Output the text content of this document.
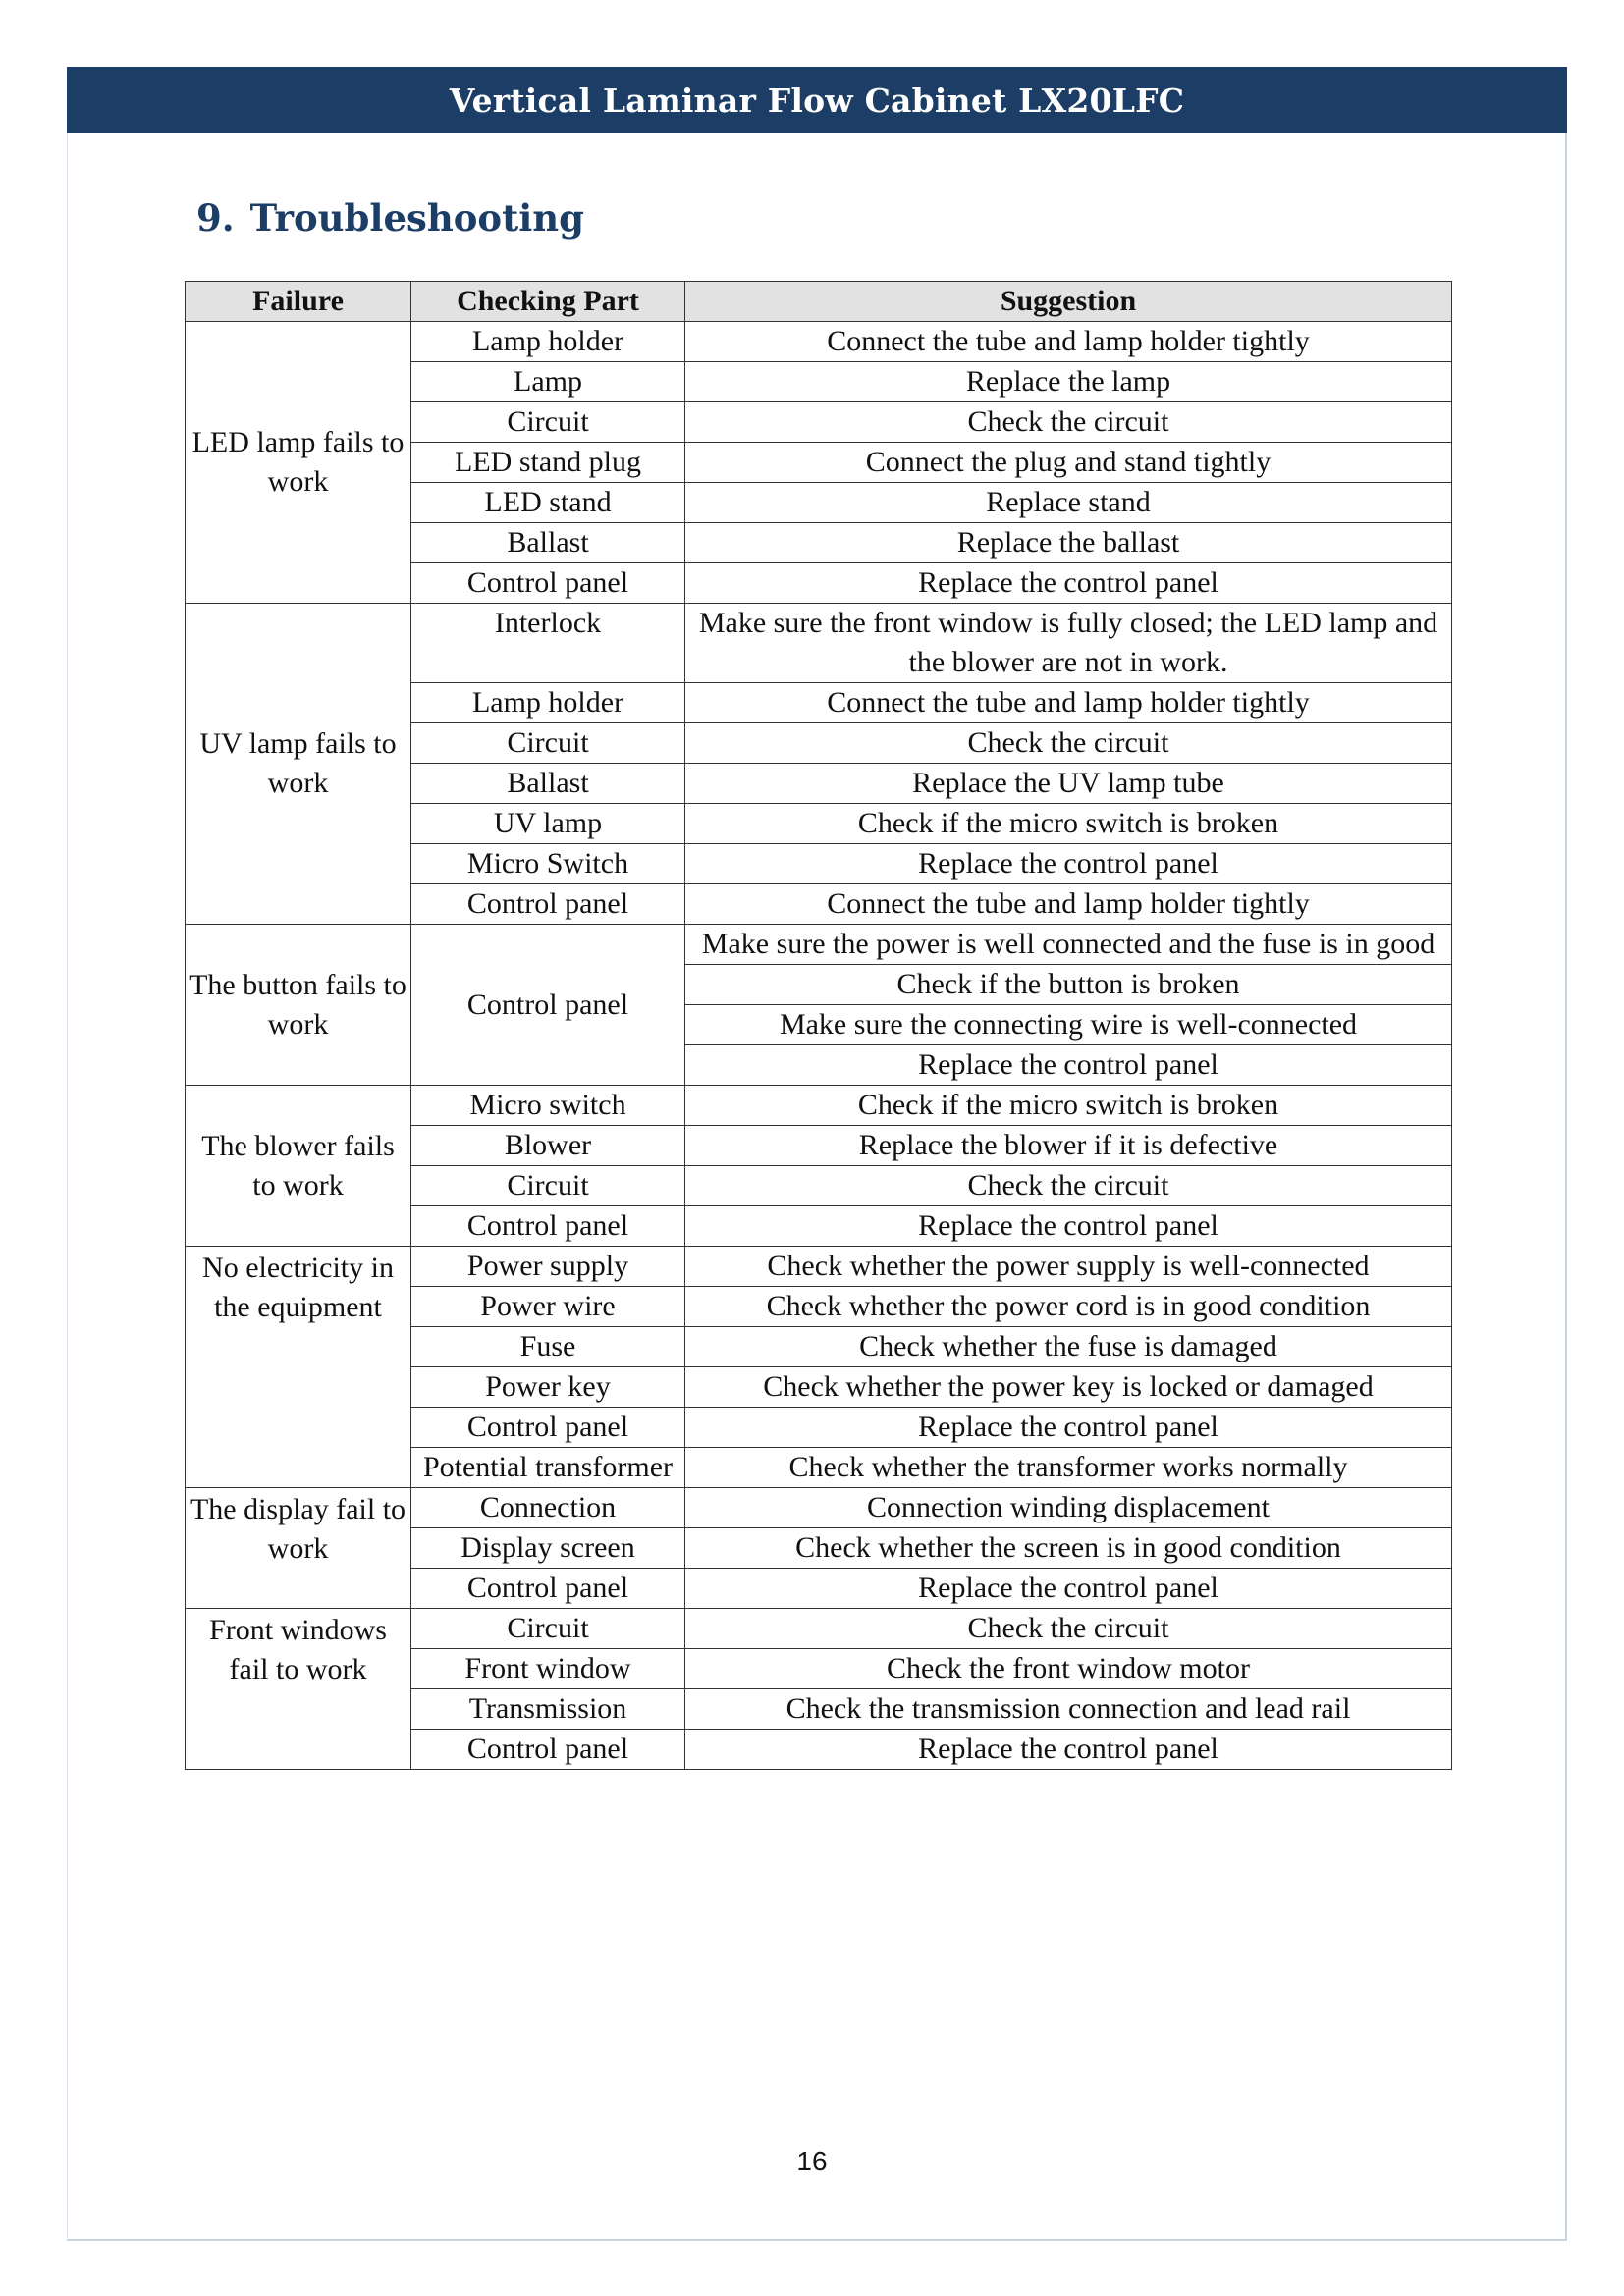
Vertical Laminar Flow Cabinet LX20LFC
9. Troubleshooting
Failure	Checking Part	Suggestion
LED lamp fails to work	Lamp holder	Connect the tube and lamp holder tightly
	Lamp	Replace the lamp
	Circuit	Check the circuit
	LED stand plug	Connect the plug and stand tightly
	LED stand	Replace stand
	Ballast	Replace the ballast
	Control panel	Replace the control panel
UV lamp fails to work	Interlock	Make sure the front window is fully closed; the LED lamp and the blower are not in work.
	Lamp holder	Connect the tube and lamp holder tightly
	Circuit	Check the circuit
	Ballast	Replace the UV lamp tube
	UV lamp	Check if the micro switch is broken
	Micro Switch	Replace the control panel
	Control panel	Connect the tube and lamp holder tightly
The button fails to work	Control panel	Make sure the power is well connected and the fuse is in good
		Check if the button is broken
		Make sure the connecting wire is well-connected
		Replace the control panel
The blower fails to work	Micro switch	Check if the micro switch is broken
	Blower	Replace the blower if it is defective
	Circuit	Check the circuit
	Control panel	Replace the control panel
No electricity in the equipment	Power supply	Check whether the power supply is well-connected
	Power wire	Check whether the power cord is in good condition
	Fuse	Check whether the fuse is damaged
	Power key	Check whether the power key is locked or damaged
	Control panel	Replace the control panel
	Potential transformer	Check whether the transformer works normally
The display fail to work	Connection	Connection winding displacement
	Display screen	Check whether the screen is in good condition
	Control panel	Replace the control panel
Front windows fail to work	Circuit	Check the circuit
	Front window	Check the front window motor
	Transmission	Check the transmission connection and lead rail
	Control panel	Replace the control panel
16
